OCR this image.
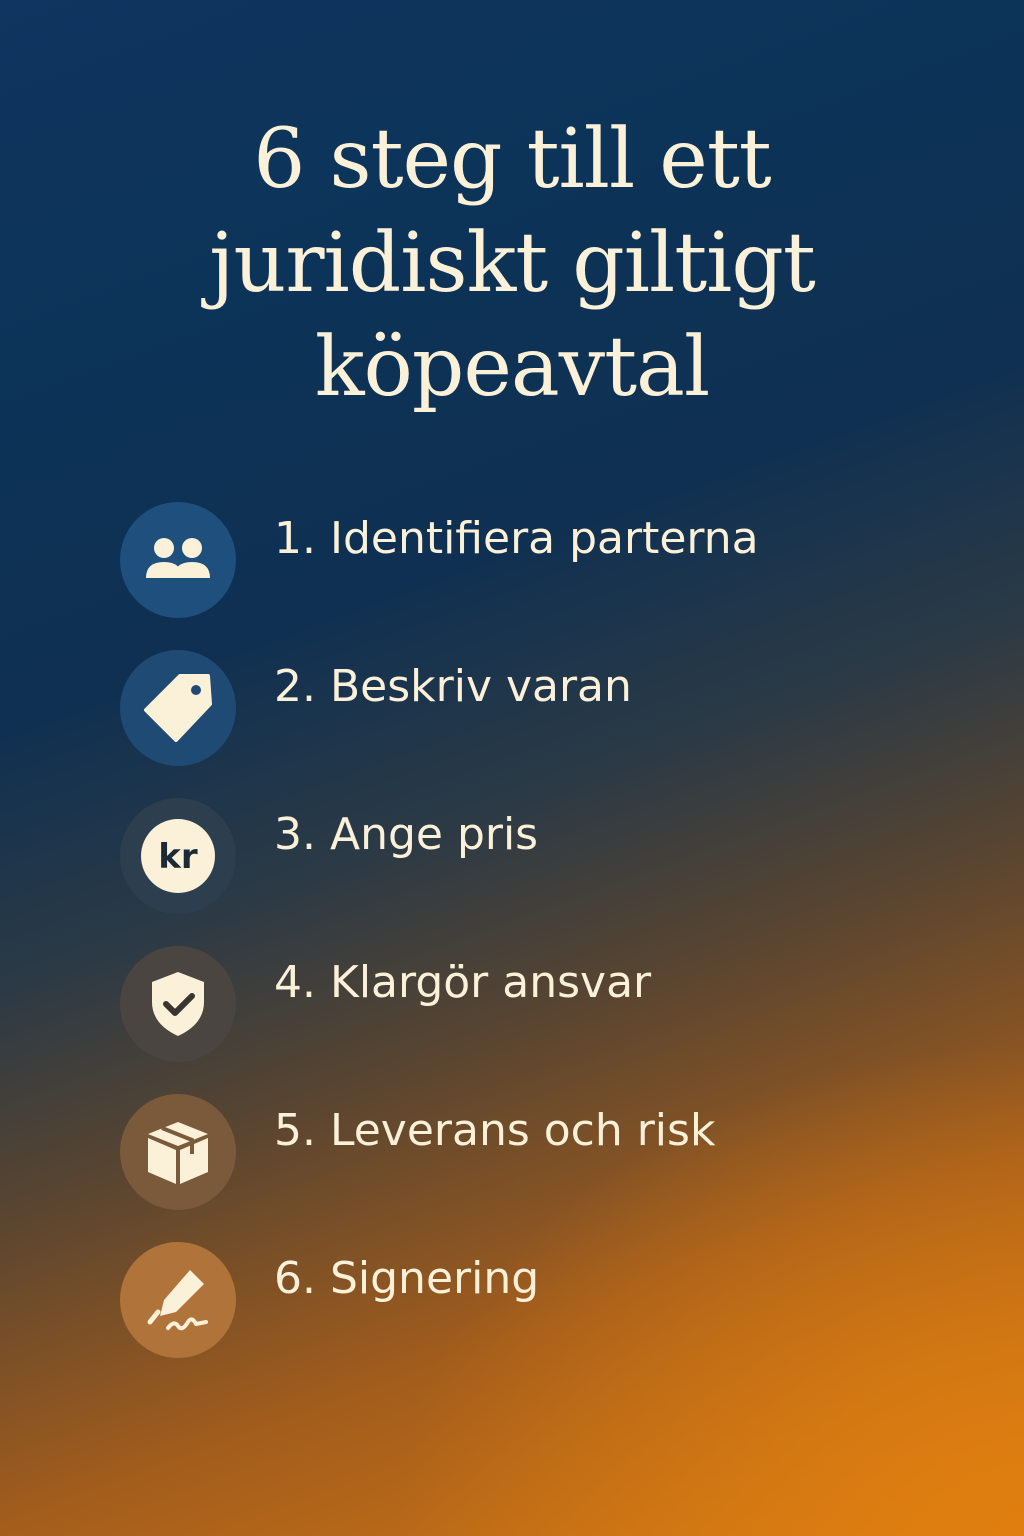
6 steg till ett
juridiskt giltigt
köpeavtal
1. Identifiera parterna
2. Beskriv varan
kr 3. Ange pris
4. Klargör ansvar
5. Leverans och risk
6. Signering
